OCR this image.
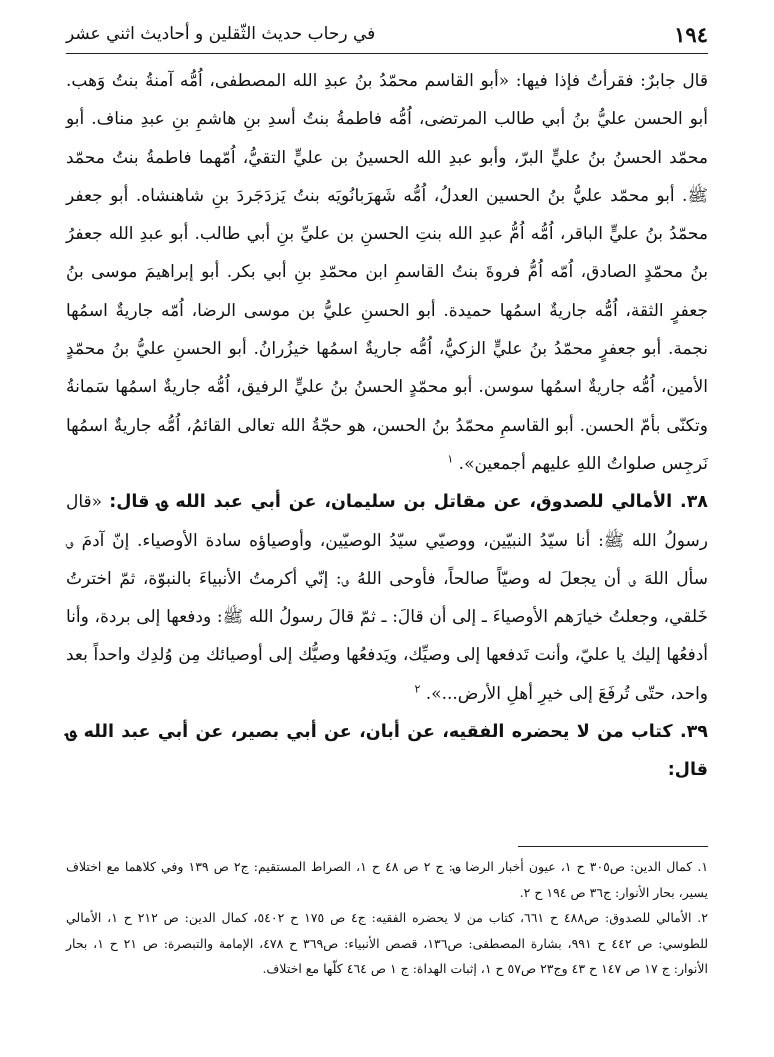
١٩٤
في رحاب حديث الثّقلين و أحاديث اثني عشر

قال جابرٌ: فقرأتُ فإذا فيها: «أبو القاسم محمّدُ بنُ عبدِ الله المصطفى، اُمُّه آمنةُ بنتُ وَهب. أبو الحسن عليُّ بنُ أبي طالب المرتضى، اُمُّه فاطمةُ بنتُ أسدِ بنِ هاشمِ بنِ عبدِ مناف. أبو محمّد الحسنُ بنُ عليٍّ البرّ، وأبو عبدِ الله الحسينُ بن عليٍّ التقيُّ، اُمّهما فاطمةُ بنتُ محمّد ﷺ. أبو محمّد عليُّ بنُ الحسين العدلُ، اُمُّه شَهرَبانُويَه بنتُ يَزدَجَردَ بنِ شاهنشاه. أبو جعفر محمّدُ بنُ عليٍّ الباقر، اُمُّه اُمُّ عبدِ الله بنتِ الحسنِ بن عليِّ بنِ أبي طالب. أبو عبدِ الله جعفرُ بنُ محمّدٍ الصادق، اُمّه اُمُّ فروةَ بنتُ القاسمِ ابن محمّدِ بنِ أبي بكر. أبو إبراهيمَ موسى بنُ جعفرٍ الثقة، اُمُّه جاريةٌ اسمُها حميدة. أبو الحسنِ عليُّ بن موسى الرضا، اُمّه جاريةٌ اسمُها نجمة. أبو جعفرٍ محمّدُ بنُ عليٍّ الزكيُّ، اُمُّه جاريةٌ اسمُها خيزُرانُ. أبو الحسنِ عليُّ بنُ محمّدٍ الأمين، اُمُّه جاريةٌ اسمُها سوسن. أبو محمّدٍ الحسنُ بنُ عليٍّ الرفيق، اُمُّه جاريةٌ اسمُها سَمانةُ وتكنّى بأمّ الحسن. أبو القاسمِ محمّدُ بنُ الحسن، هو حجّةُ الله تعالى القائمُ، اُمُّه جاريةٌ اسمُها نَرجِس صلواتُ اللهِ عليهم أجمعين». $^١$

٣٨. الأمالي للصدوق، عن مقاتل بن سليمان، عن أبي عبد الله ؈ قال: «قال رسولُ الله ﷺ: أنا سيّدُ النبيّين، ووصيّي سيّدُ الوصيّين، وأوصياؤه سادة الأوصياء. إنّ آدمَ ؈ سأل اللهَ ؈ أن يجعلَ له وصيّاً صالحاً، فأوحى اللهُ ؈: إنّي أكرمتُ الأنبياءَ بالنبوّة، ثمّ اخترتُ خَلقي، وجعلتُ خيارَهم الأوصياءَ ـ إلى أن قالَ: ـ ثمّ قالَ رسولُ الله ﷺ: ودفعها إلى بردة، وأنا أدفعُها إليك يا عليّ، وأنت تَدفعها إلى وصيِّك، ويَدفعُها وصيُّك إلى أوصيائك مِن وُلدِك واحداً بعد واحد، حتّى تُرفَعَ إلى خيرِ أهلِ الأرض...». $^٢$

٣٩. كتاب من لا يحضره الفقيه، عن أبان، عن أبي بصير، عن أبي عبد الله ؈ قال:

١. كمال الدين: ص٣٠٥ ح ١، عيون أخبار الرضا ؈: ج ٢ ص ٤٨ ح ١، الصراط المستقيم: ج٢ ص ١٣٩ وفي كلاهما مع اختلاف يسير، بحار الأنوار: ج٣٦ ص ١٩٤ ح ٢.

٢. الأمالي للصدوق: ص٤٨٨ ح ٦٦١، كتاب من لا يحضره الفقيه: ج٤ ص ١٧٥ ح ٥٤٠٢، كمال الدين: ص ٢١٢ ح ١، الأمالي للطوسي: ص ٤٤٢ ح ٩٩١، بشارة المصطفى: ص١٣٦، قصص الأنبياء: ص٣٦٩ ح ٤٧٨، الإمامة والتبصرة: ص ٢١ ح ١، بحار الأنوار: ج ١٧ ص ١٤٧ ح ٤٣ وج٢٣ ص٥٧ ح ١، إثبات الهداة: ج ١ ص ٤٦٤ كلّها مع اختلاف.
